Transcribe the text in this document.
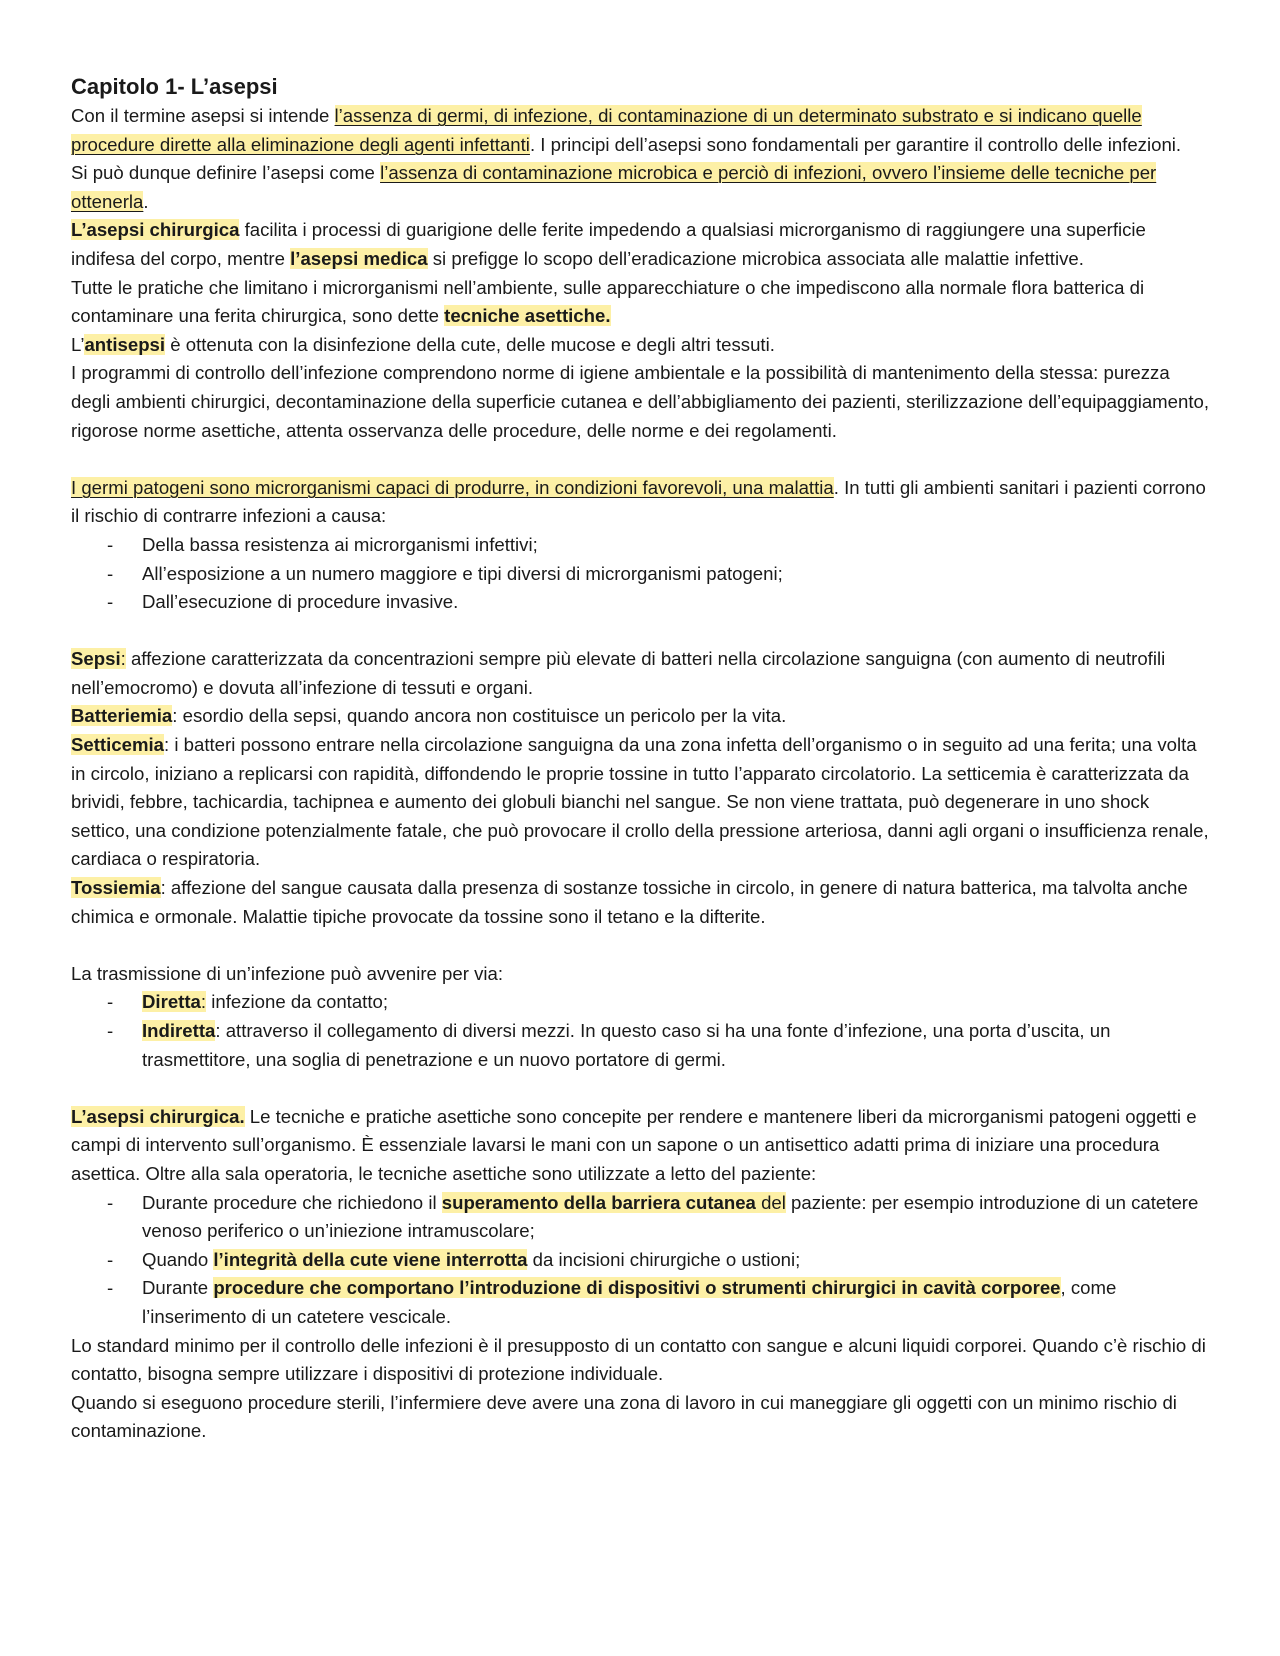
Capitolo 1- L’asepsi

Con il termine asepsi si intende l’assenza di germi, di infezione, di contaminazione di un determinato substrato e si indicano quelle procedure dirette alla eliminazione degli agenti infettanti. I principi dell’asepsi sono fondamentali per garantire il controllo delle infezioni.

Si può dunque definire l’asepsi come l’assenza di contaminazione microbica e perciò di infezioni, ovvero l’insieme delle tecniche per ottenerla.

L’asepsi chirurgica facilita i processi di guarigione delle ferite impedendo a qualsiasi microrganismo di raggiungere una superficie indifesa del corpo, mentre l’asepsi medica si prefigge lo scopo dell’eradicazione microbica associata alle malattie infettive.

Tutte le pratiche che limitano i microrganismi nell’ambiente, sulle apparecchiature o che impediscono alla normale flora batterica di contaminare una ferita chirurgica, sono dette tecniche asettiche.

L’antisepsi è ottenuta con la disinfezione della cute, delle mucose e degli altri tessuti.

I programmi di controllo dell’infezione comprendono norme di igiene ambientale e la possibilità di mantenimento della stessa: purezza degli ambienti chirurgici, decontaminazione della superficie cutanea e dell’abbigliamento dei pazienti, sterilizzazione dell’equipaggiamento, rigorose norme asettiche, attenta osservanza delle procedure, delle norme e dei regolamenti.

I germi patogeni sono microrganismi capaci di produrre, in condizioni favorevoli, una malattia. In tutti gli ambienti sanitari i pazienti corrono il rischio di contrarre infezioni a causa:

- Della bassa resistenza ai microrganismi infettivi;
- All’esposizione a un numero maggiore e tipi diversi di microrganismi patogeni;
- Dall’esecuzione di procedure invasive.

Sepsi: affezione caratterizzata da concentrazioni sempre più elevate di batteri nella circolazione sanguigna (con aumento di neutrofili nell’emocromo) e dovuta all’infezione di tessuti e organi.

Batteriemia: esordio della sepsi, quando ancora non costituisce un pericolo per la vita.

Setticemia: i batteri possono entrare nella circolazione sanguigna da una zona infetta dell’organismo o in seguito ad una ferita; una volta in circolo, iniziano a replicarsi con rapidità, diffondendo le proprie tossine in tutto l’apparato circolatorio. La setticemia è caratterizzata da brividi, febbre, tachicardia, tachipnea e aumento dei globuli bianchi nel sangue. Se non viene trattata, può degenerare in uno shock settico, una condizione potenzialmente fatale, che può provocare il crollo della pressione arteriosa, danni agli organi o insufficienza renale, cardiaca o respiratoria.

Tossiemia: affezione del sangue causata dalla presenza di sostanze tossiche in circolo, in genere di natura batterica, ma talvolta anche chimica e ormonale. Malattie tipiche provocate da tossine sono il tetano e la difterite.

La trasmissione di un’infezione può avvenire per via:

- Diretta: infezione da contatto;
- Indiretta: attraverso il collegamento di diversi mezzi. In questo caso si ha una fonte d’infezione, una porta d’uscita, un trasmettitore, una soglia di penetrazione e un nuovo portatore di germi.

L’asepsi chirurgica. Le tecniche e pratiche asettiche sono concepite per rendere e mantenere liberi da microrganismi patogeni oggetti e campi di intervento sull’organismo. È essenziale lavarsi le mani con un sapone o un antisettico adatti prima di iniziare una procedura asettica. Oltre alla sala operatoria, le tecniche asettiche sono utilizzate a letto del paziente:

- Durante procedure che richiedono il superamento della barriera cutanea del paziente: per esempio introduzione di un catetere venoso periferico o un’iniezione intramuscolare;
- Quando l’integrità della cute viene interrotta da incisioni chirurgiche o ustioni;
- Durante procedure che comportano l’introduzione di dispositivi o strumenti chirurgici in cavità corporee, come l’inserimento di un catetere vescicale.

Lo standard minimo per il controllo delle infezioni è il presupposto di un contatto con sangue e alcuni liquidi corporei. Quando c’è rischio di contatto, bisogna sempre utilizzare i dispositivi di protezione individuale.

Quando si eseguono procedure sterili, l’infermiere deve avere una zona di lavoro in cui maneggiare gli oggetti con un minimo rischio di contaminazione.
